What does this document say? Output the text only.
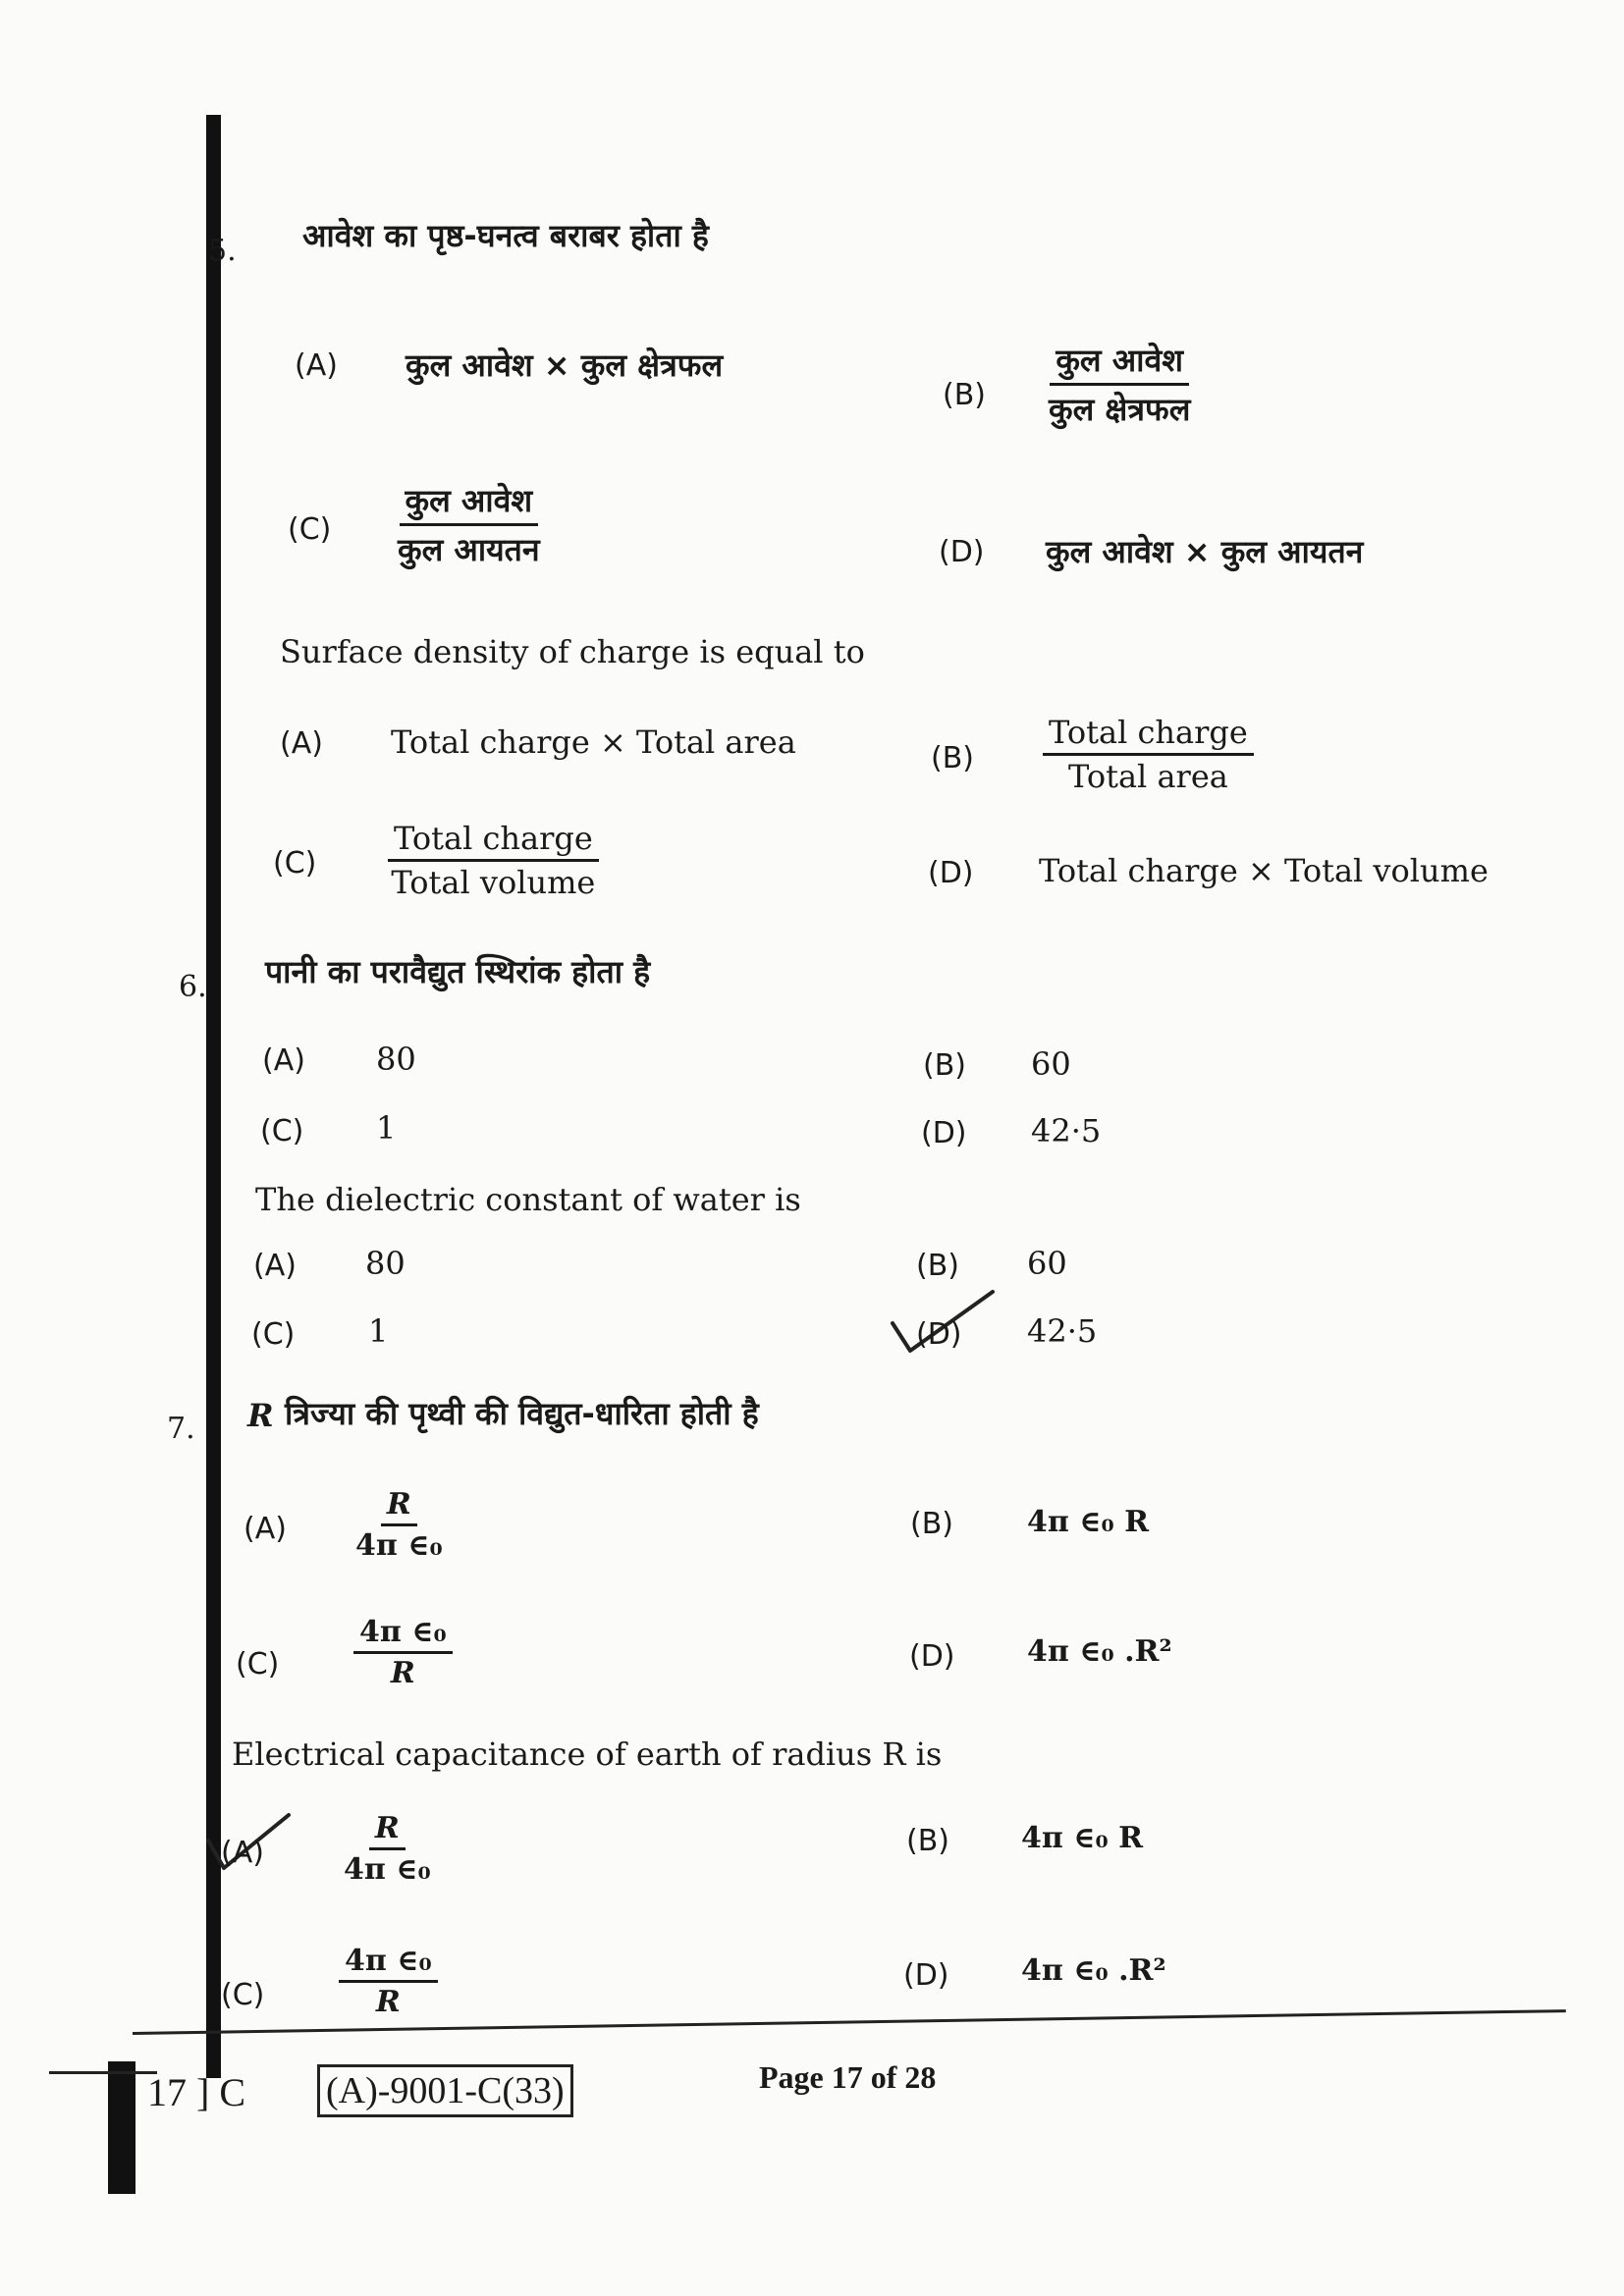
5. आवेश का पृष्ठ-घनत्व बराबर होता है
(A) कुल आवेश × कुल क्षेत्रफल
(B)
कुल आवेश
कुल क्षेत्रफल
(C)
कुल आवेश
कुल आयतन	(D) कुल आवेश × कुल आयतन
Surface density of charge is equal to
(A) Total charge × Total area	(B)
Total charge
Total area
(C)
Total charge
Total volume	(D) Total charge × Total volume
6. पानी का परावैद्युत स्थिरांक होता है
(A) 80	(B) 60
(C) 1	(D) 42·5
The dielectric constant of water is
(A) 80	(B) 60
(C) 1	(D) 42·5
7. R त्रिज्या की पृथ्वी की विद्युत-धारिता होती है
$(A) \frac{R}{\text{4π ∈₀}}$	(B)	4π ∈₀ R
(C)	$\frac{\text{4π ∈₀}}{R}$	(D) 4π ∈₀ .R²
Electrical capacitance of earth of radius R is
(A)	$\frac{R}{\text{4π ∈₀}}$	(B) 4π ∈₀ R
(C)	$\frac{\text{4π ∈₀}}{R}$	(D) 4π ∈₀ .R²
17 ] C (A)-9001-C(33)	Page 17 of 28
